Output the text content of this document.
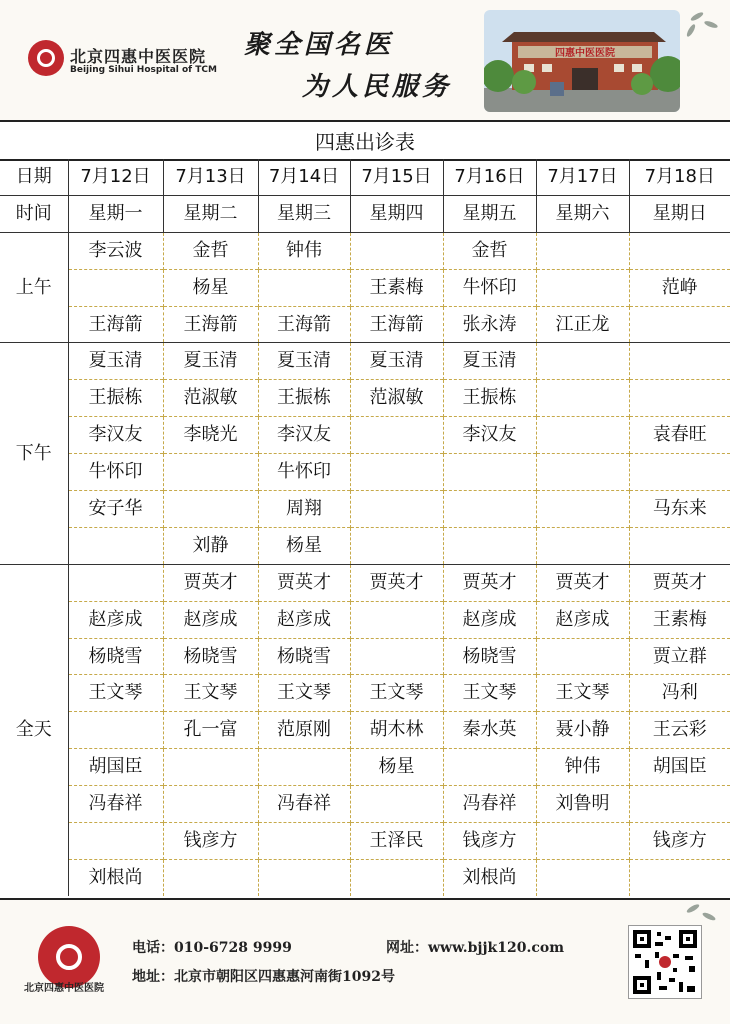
北京四惠中医医院
Beijing Sihui Hospital of TCM
聚全国名医
为人民服务
四惠中医医院
四惠出诊表
日期	7月12日	7月13日	7月14日	7月15日	7月16日	7月17日	7月18日
时间	星期一	星期二	星期三	星期四	星期五	星期六	星期日
上午	李云波	金哲	钟伟		金哲		
		杨星		王素梅	牛怀印		范峥
	王海箭	王海箭	王海箭	王海箭	张永涛	江正龙	
下午	夏玉清	夏玉清	夏玉清	夏玉清	夏玉清		
	王振栋	范淑敏	王振栋	范淑敏	王振栋		
	李汉友	李晓光	李汉友		李汉友		袁春旺
	牛怀印		牛怀印				
	安子华		周翔				马东来
		刘静	杨星				
全天		贾英才	贾英才	贾英才	贾英才	贾英才	贾英才
	赵彦成	赵彦成	赵彦成		赵彦成	赵彦成	王素梅
	杨晓雪	杨晓雪	杨晓雪		杨晓雪		贾立群
	王文琴	王文琴	王文琴	王文琴	王文琴	王文琴	冯利
		孔一富	范原刚	胡木林	秦水英	聂小静	王云彩
	胡国臣			杨星		钟伟	胡国臣
	冯春祥		冯春祥		冯春祥	刘鲁明	
		钱彦方		王泽民	钱彦方		钱彦方
	刘根尚				刘根尚		
北京四惠中医医院
电话：010-6728 9999	网址：www.bjjk120.com
地址：北京市朝阳区四惠惠河南街1092号
